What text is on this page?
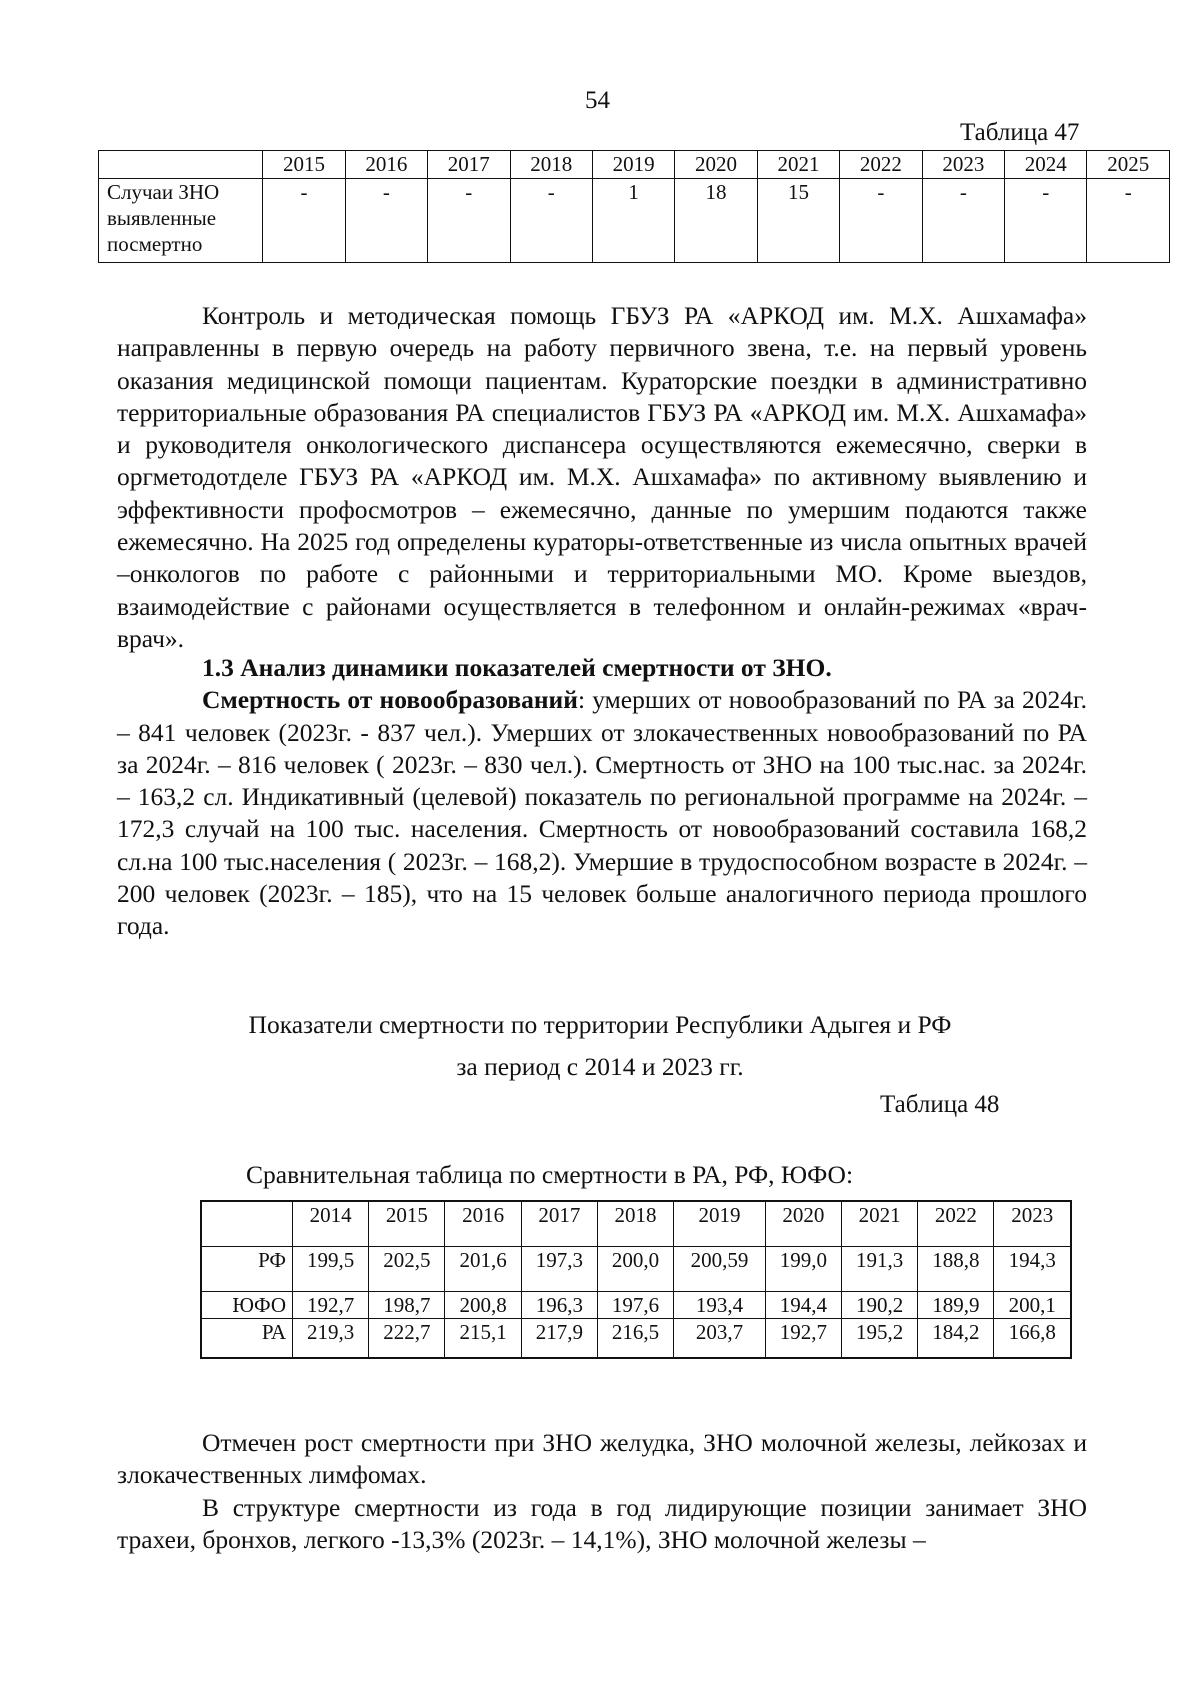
54
Таблица 47
	2015	2016	2017	2018	2019	2020	2021	2022	2023	2024	2025
Случаи ЗНО выявленные посмертно	-	-	-	-	1	18	15	-	-	-	-

Контроль и методическая помощь ГБУЗ РА «АРКОД им. М.Х. Ашхамафа» направленны в первую очередь на работу первичного звена, т.е. на первый уровень оказания медицинской помощи пациентам. Кураторские поездки в административно территориальные образования РА специалистов ГБУЗ РА «АРКОД им. М.Х. Ашхамафа» и руководителя онкологического диспансера осуществляются ежемесячно, сверки в оргметодотделе ГБУЗ РА «АРКОД им. М.Х. Ашхамафа» по активному выявлению и эффективности профосмотров – ежемесячно, данные по умершим подаются также ежемесячно. На 2025 год определены кураторы-ответственные из числа опытных врачей –онкологов по работе с районными и территориальными МО. Кроме выездов, взаимодействие с районами осуществляется в телефонном и онлайн-режимах «врач-врач».

1.3 Анализ динамики показателей смертности от ЗНО.

Смертность от новообразований: умерших от новообразований по РА за 2024г. – 841 человек (2023г. - 837 чел.). Умерших от злокачественных новообразований по РА за 2024г. – 816 человек ( 2023г. – 830 чел.). Смертность от ЗНО на 100 тыс.нас. за 2024г. – 163,2 сл. Индикативный (целевой) показатель по региональной программе на 2024г. – 172,3 случай на 100 тыс. населения. Смертность от новообразований составила 168,2 сл.на 100 тыс.населения ( 2023г. – 168,2). Умершие в трудоспособном возрасте в 2024г. – 200 человек (2023г. – 185), что на 15 человек больше аналогичного периода прошлого года.

Показатели смертности по территории Республики Адыгея и РФ
за период с 2014 и 2023 гг.
Таблица 48
Сравнительная таблица по смертности в РА, РФ, ЮФО:
	2014	2015	2016	2017	2018	2019	2020	2021	2022	2023
РФ	199,5	202,5	201,6	197,3	200,0	200,59	199,0	191,3	188,8	194,3
ЮФО	192,7	198,7	200,8	196,3	197,6	193,4	194,4	190,2	189,9	200,1
РА	219,3	222,7	215,1	217,9	216,5	203,7	192,7	195,2	184,2	166,8

Отмечен рост смертности при ЗНО желудка, ЗНО молочной железы, лейкозах и злокачественных лимфомах.

В структуре смертности из года в год лидирующие позиции занимает ЗНО трахеи, бронхов, легкого -13,3% (2023г. – 14,1%), ЗНО молочной железы –
